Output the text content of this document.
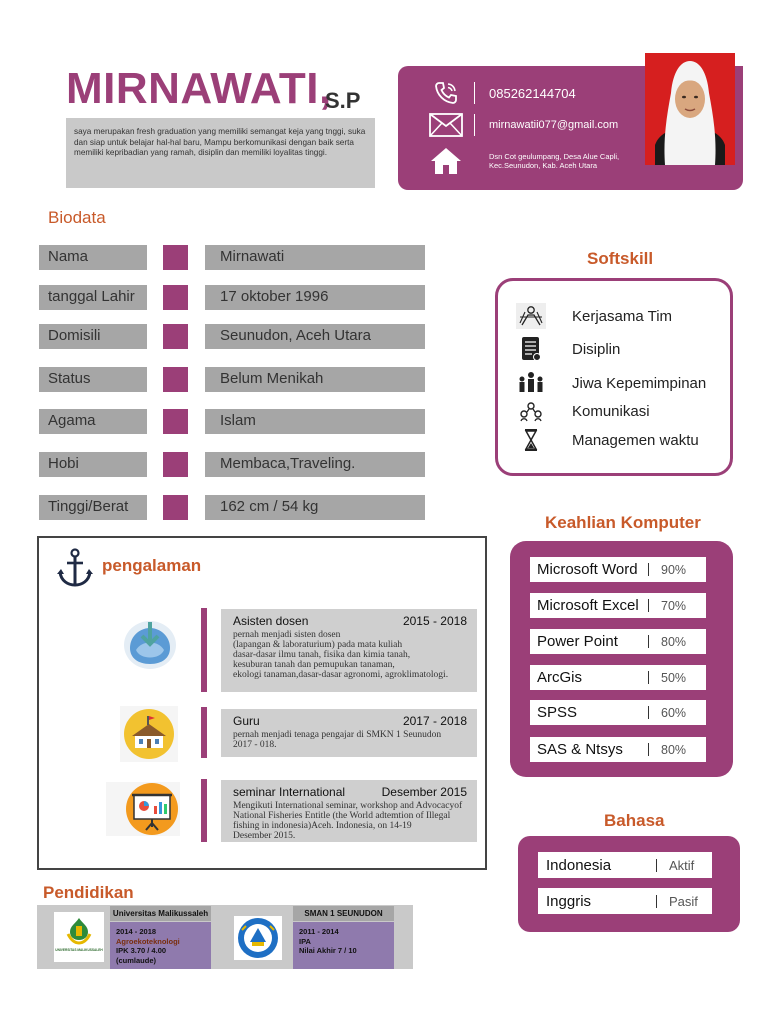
MIRNAWATI,
S.P
saya merupakan fresh graduation yang memiliki semangat keja yang tnggi, suka dan siap untuk belajar hal-hal baru, Mampu berkomunikasi dengan baik serta memiliki kepribadian yang ramah, disiplin dan memiliki loyalitas tinggi.
085262144704
mirnawatii077@gmail.com
Dsn Cot geulumpang, Desa Alue Capli,
Kec.Seunudon, Kab. Aceh Utara
Biodata
Nama	Mirnawati
tanggal Lahir	17 oktober 1996
Domisili	Seunudon, Aceh Utara
Status	Belum Menikah
Agama	Islam
Hobi	Membaca,Traveling.
Tinggi/Berat	162 cm / 54 kg
Softskill
Kerjasama Tim
Disiplin
Jiwa Kepemimpinan
Komunikasi
Managemen waktu
Keahlian Komputer
Microsoft Word	90%
Microsoft Excel	70%
Power Point	80%
ArcGis	50%
SPSS	60%
SAS & Ntsys	80%
Bahasa
Indonesia	Aktif
Inggris	Pasif
pengalaman
Asisten dosen	2015 - 2018
pernah menjadi sisten dosen
(lapangan & laboraturium) pada mata kuliah
dasar-dasar ilmu tanah, fisika dan kimia tanah,
kesuburan tanah dan pemupukan tanaman,
ekologi tanaman,dasar-dasar agronomi, agroklimatologi.
Guru	2017 - 2018
pernah menjadi tenaga pengajar di SMKN 1 Seunudon
2017 - 018.
seminar International	Desember 2015
Mengikuti International seminar, workshop and Advocacyof
National Fisheries Entitle (the World adtemtion of Illegal
fishing in indonesia)Aceh. Indonesia, on 14-19
Desember 2015.
Pendidikan
UNIVERSITAS MALIKUSSALEH
Universitas Malikussaleh
2014 - 2018
Agroekoteknologi
IPK 3.70 / 4.00 (cumlaude)
SMAN 1 SEUNUDON
2011 - 2014
IPA
Nilai Akhir 7 / 10
